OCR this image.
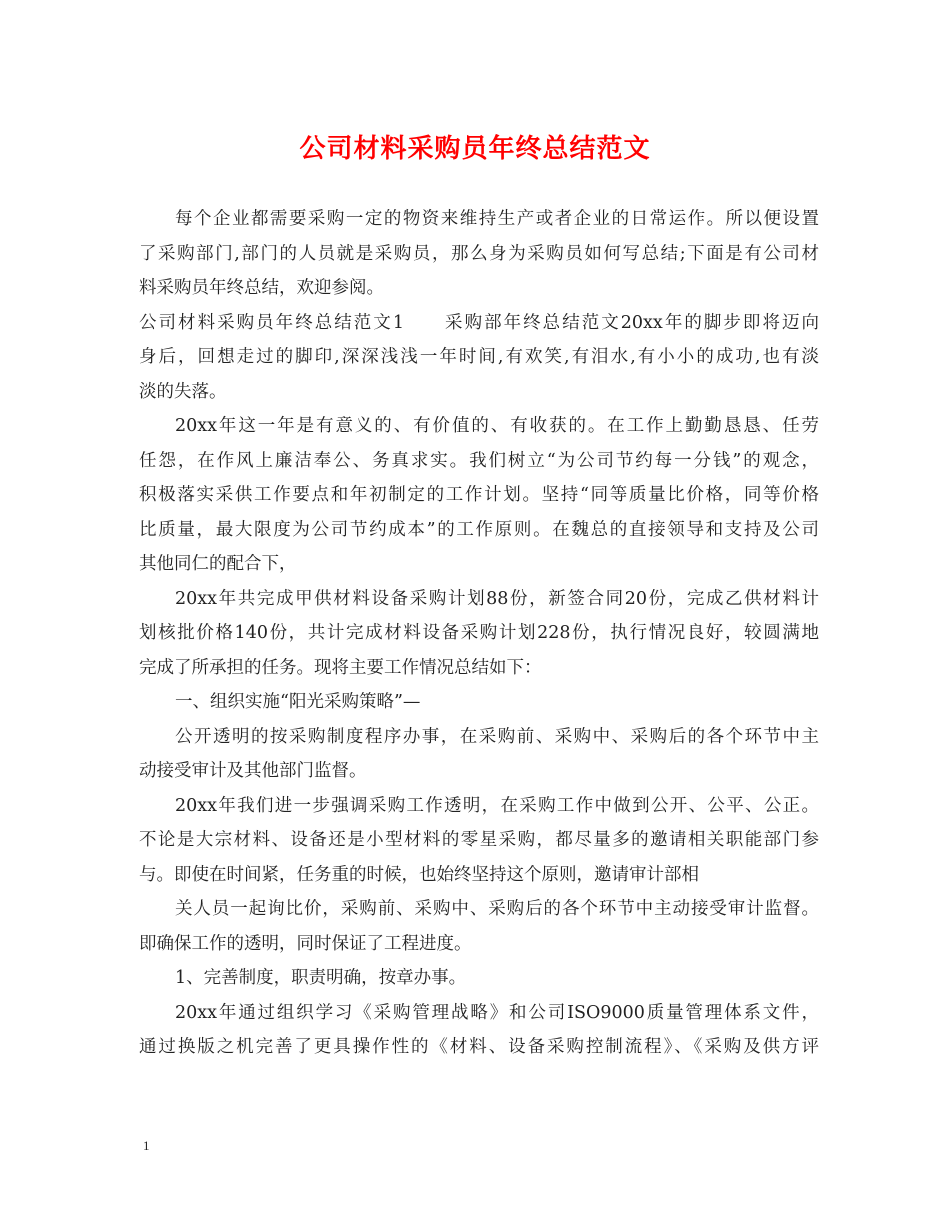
公司材料采购员年终总结范文

每个企业都需要采购一定的物资来维持生产或者企业的日常运作。所以便设置

了采购部门,部门的人员就是采购员，那么身为采购员如何写总结;下面是有公司材

料采购员年终总结，欢迎参阅。

公司材料采购员年终总结范文1　　采购部年终总结范文20xx年的脚步即将迈向

身后，回想走过的脚印,深深浅浅一年时间,有欢笑,有泪水,有小小的成功,也有淡

淡的失落。

20xx年这一年是有意义的、有价值的、有收获的。在工作上勤勤恳恳、任劳

任怨，在作风上廉洁奉公、务真求实。我们树立“为公司节约每一分钱”的观念，

积极落实采供工作要点和年初制定的工作计划。坚持“同等质量比价格，同等价格

比质量，最大限度为公司节约成本”的工作原则。在魏总的直接领导和支持及公司

其他同仁的配合下，

20xx年共完成甲供材料设备采购计划88份，新签合同20份，完成乙供材料计

划核批价格140份，共计完成材料设备采购计划228份，执行情况良好，较圆满地

完成了所承担的任务。现将主要工作情况总结如下：

一、组织实施“阳光采购策略”—

公开透明的按采购制度程序办事，在采购前、采购中、采购后的各个环节中主

动接受审计及其他部门监督。

20xx年我们进一步强调采购工作透明，在采购工作中做到公开、公平、公正。

不论是大宗材料、设备还是小型材料的零星采购，都尽量多的邀请相关职能部门参

与。即使在时间紧，任务重的时候，也始终坚持这个原则，邀请审计部相

关人员一起询比价，采购前、采购中、采购后的各个环节中主动接受审计监督。

即确保工作的透明，同时保证了工程进度。

1、完善制度，职责明确，按章办事。

20xx年通过组织学习《采购管理战略》和公司ISO9000质量管理体系文件，

通过换版之机完善了更具操作性的《材料、设备采购控制流程》、《采购及供方评

1
